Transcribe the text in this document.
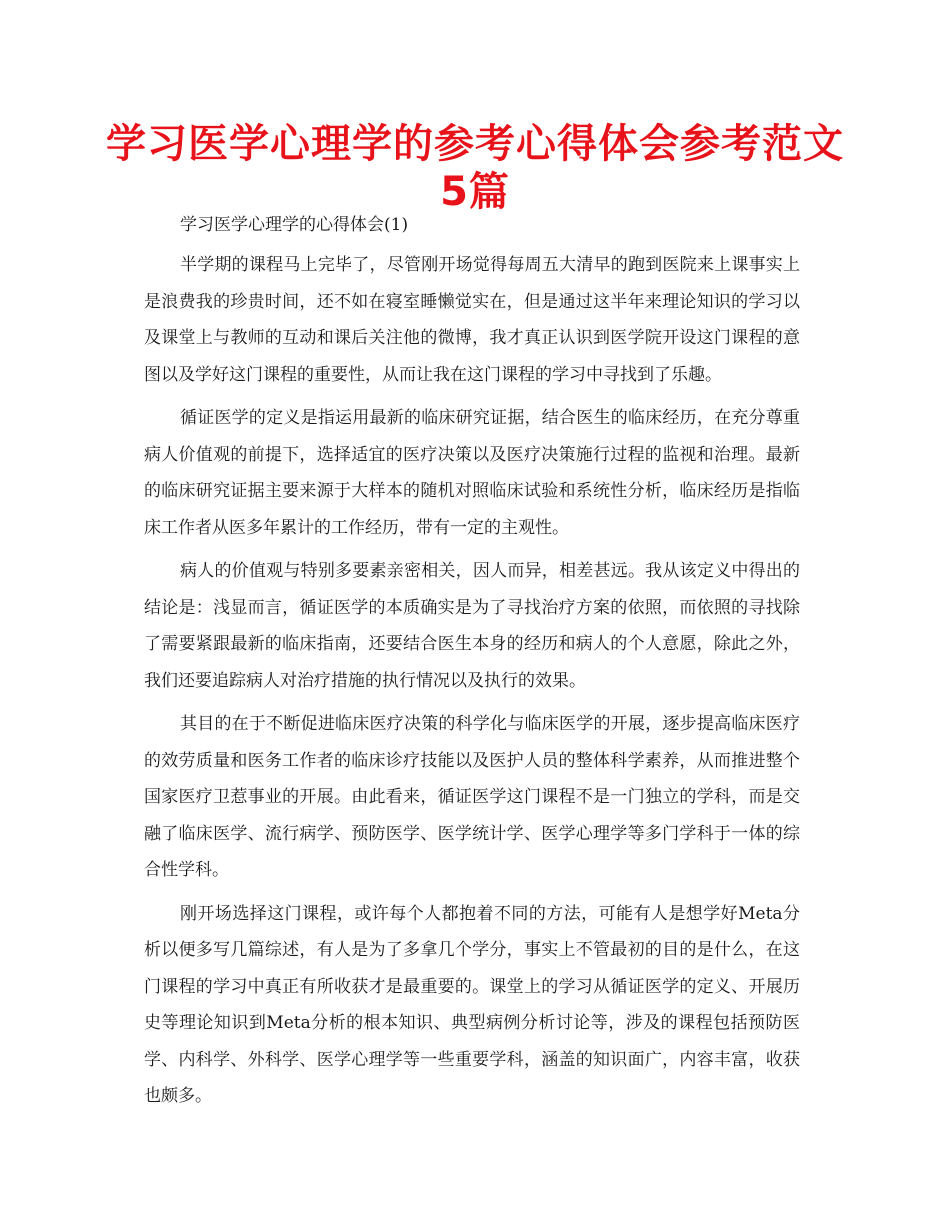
学习医学心理学的参考心得体会参考范文
5篇

学习医学心理学的心得体会(1)

半学期的课程马上完毕了，尽管刚开场觉得每周五大清早的跑到医院来上课事实上是浪费我的珍贵时间，还不如在寝室睡懒觉实在，但是通过这半年来理论知识的学习以及课堂上与教师的互动和课后关注他的微博，我才真正认识到医学院开设这门课程的意图以及学好这门课程的重要性，从而让我在这门课程的学习中寻找到了乐趣。

循证医学的定义是指运用最新的临床研究证据，结合医生的临床经历，在充分尊重病人价值观的前提下，选择适宜的医疗决策以及医疗决策施行过程的监视和治理。最新的临床研究证据主要来源于大样本的随机对照临床试验和系统性分析，临床经历是指临床工作者从医多年累计的工作经历，带有一定的主观性。

病人的价值观与特别多要素亲密相关，因人而异，相差甚远。我从该定义中得出的结论是：浅显而言，循证医学的本质确实是为了寻找治疗方案的依照，而依照的寻找除了需要紧跟最新的临床指南，还要结合医生本身的经历和病人的个人意愿，除此之外，我们还要追踪病人对治疗措施的执行情况以及执行的效果。

其目的在于不断促进临床医疗决策的科学化与临床医学的开展，逐步提高临床医疗的效劳质量和医务工作者的临床诊疗技能以及医护人员的整体科学素养，从而推进整个国家医疗卫惹事业的开展。由此看来，循证医学这门课程不是一门独立的学科，而是交融了临床医学、流行病学、预防医学、医学统计学、医学心理学等多门学科于一体的综合性学科。

刚开场选择这门课程，或许每个人都抱着不同的方法，可能有人是想学好Meta分析以便多写几篇综述，有人是为了多拿几个学分，事实上不管最初的目的是什么，在这门课程的学习中真正有所收获才是最重要的。课堂上的学习从循证医学的定义、开展历史等理论知识到Meta分析的根本知识、典型病例分析讨论等，涉及的课程包括预防医学、内科学、外科学、医学心理学等一些重要学科，涵盖的知识面广，内容丰富，收获也颇多。
